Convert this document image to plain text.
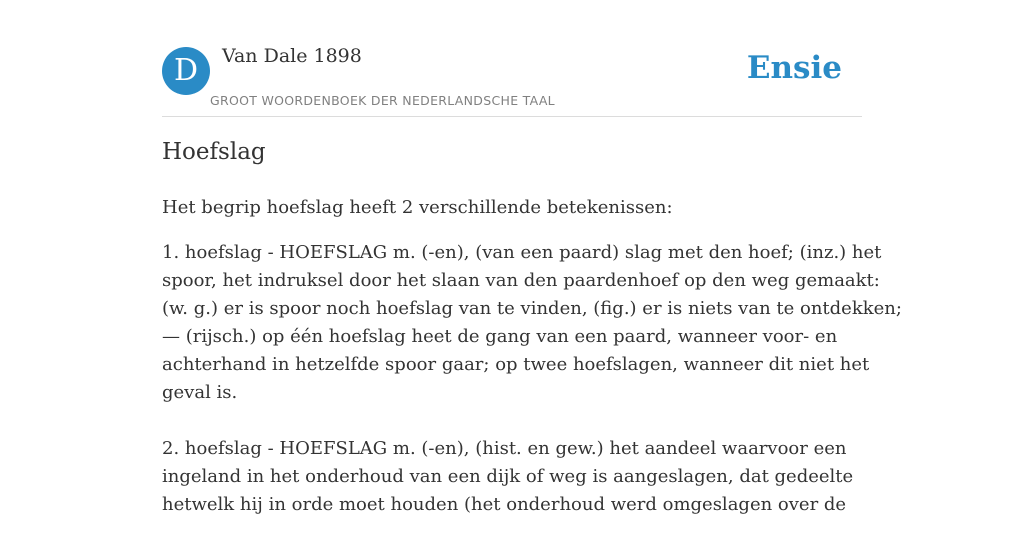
D	Van Dale 1898
GROOT WOORDENBOEK DER NEDERLANDSCHE TAAL
Ensie
Hoefslag
Het begrip hoefslag heeft 2 verschillende betekenissen:
1. hoefslag - HOEFSLAG m. (-en), (van een paard) slag met den hoef; (inz.) het
spoor, het indruksel door het slaan van den paardenhoef op den weg gemaakt:
(w. g.) er is spoor noch hoefslag van te vinden, (fig.) er is niets van te ontdekken;
— (rijsch.) op één hoefslag heet de gang van een paard, wanneer voor- en
achterhand in hetzelfde spoor gaar; op twee hoefslagen, wanneer dit niet het
geval is.
2. hoefslag - HOEFSLAG m. (-en), (hist. en gew.) het aandeel waarvoor een
ingeland in het onderhoud van een dijk of weg is aangeslagen, dat gedeelte
hetwelk hij in orde moet houden (het onderhoud werd omgeslagen over de
